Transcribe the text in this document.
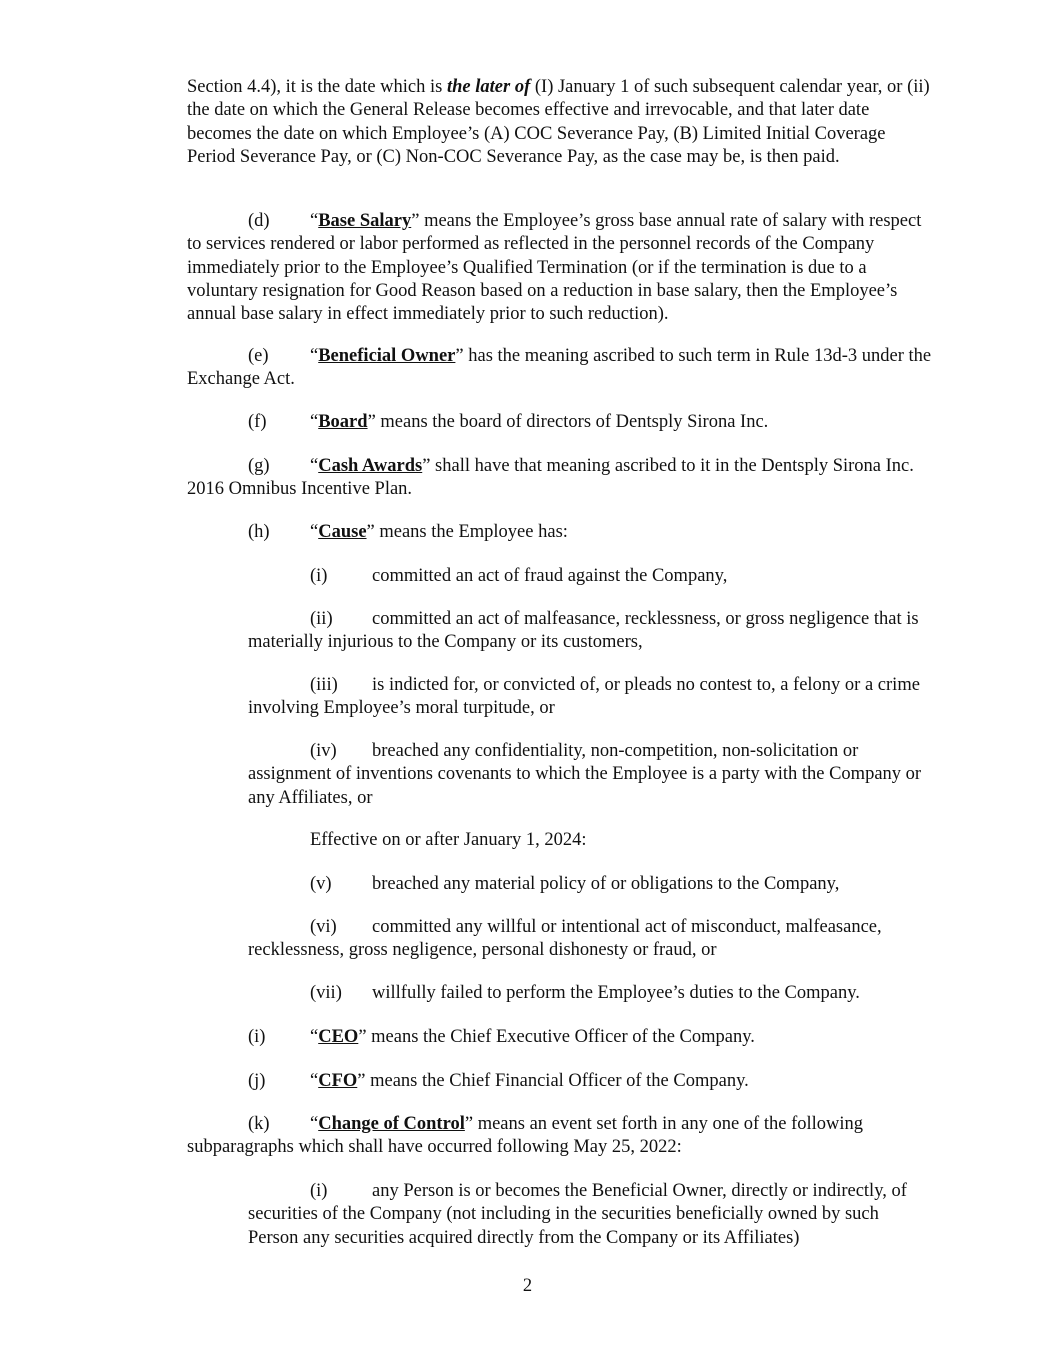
Section 4.4), it is the date which is the later of (I) January 1 of such subsequent calendar year, or (ii) the date on which the General Release becomes effective and irrevocable, and that later date becomes the date on which Employee’s (A) COC Severance Pay, (B) Limited Initial Coverage Period Severance Pay, or (C) Non-COC Severance Pay, as the case may be, is then paid.

(d) “Base Salary” means the Employee’s gross base annual rate of salary with respect to services rendered or labor performed as reflected in the personnel records of the Company immediately prior to the Employee’s Qualified Termination (or if the termination is due to a voluntary resignation for Good Reason based on a reduction in base salary, then the Employee’s annual base salary in effect immediately prior to such reduction).

(e) “Beneficial Owner” has the meaning ascribed to such term in Rule 13d-3 under the Exchange Act.

(f) “Board” means the board of directors of Dentsply Sirona Inc.

(g) “Cash Awards” shall have that meaning ascribed to it in the Dentsply Sirona Inc. 2016 Omnibus Incentive Plan.

(h) “Cause” means the Employee has:

(i) committed an act of fraud against the Company,

(ii) committed an act of malfeasance, recklessness, or gross negligence that is materially injurious to the Company or its customers,

(iii) is indicted for, or convicted of, or pleads no contest to, a felony or a crime involving Employee’s moral turpitude, or

(iv) breached any confidentiality, non-competition, non-solicitation or assignment of inventions covenants to which the Employee is a party with the Company or any Affiliates, or

Effective on or after January 1, 2024:

(v) breached any material policy of or obligations to the Company,

(vi) committed any willful or intentional act of misconduct, malfeasance, recklessness, gross negligence, personal dishonesty or fraud, or

(vii) willfully failed to perform the Employee’s duties to the Company.

(i) “CEO” means the Chief Executive Officer of the Company.

(j) “CFO” means the Chief Financial Officer of the Company.

(k) “Change of Control” means an event set forth in any one of the following subparagraphs which shall have occurred following May 25, 2022:

(i) any Person is or becomes the Beneficial Owner, directly or indirectly, of securities of the Company (not including in the securities beneficially owned by such Person any securities acquired directly from the Company or its Affiliates)

2
